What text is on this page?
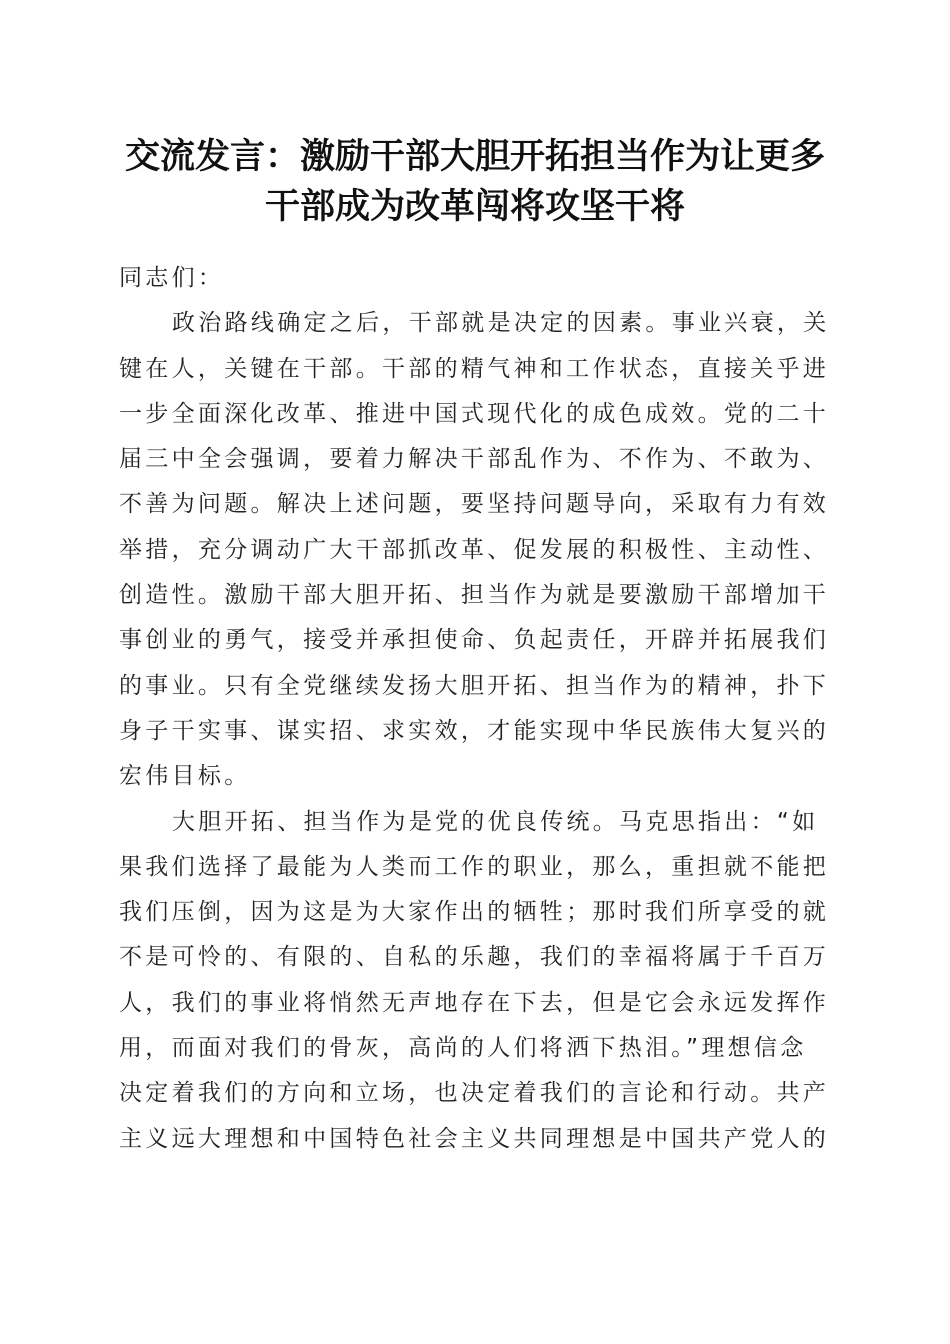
交流发言：激励干部大胆开拓担当作为让更多
干部成为改革闯将攻坚干将
同志们：
政治路线确定之后，干部就是决定的因素。事业兴衰，关
键在人，关键在干部。干部的精气神和工作状态，直接关乎进
一步全面深化改革、推进中国式现代化的成色成效。党的二十
届三中全会强调，要着力解决干部乱作为、不作为、不敢为、
不善为问题。解决上述问题，要坚持问题导向，采取有力有效
举措，充分调动广大干部抓改革、促发展的积极性、主动性、
创造性。激励干部大胆开拓、担当作为就是要激励干部增加干
事创业的勇气，接受并承担使命、负起责任，开辟并拓展我们
的事业。只有全党继续发扬大胆开拓、担当作为的精神，扑下
身子干实事、谋实招、求实效，才能实现中华民族伟大复兴的
宏伟目标。
大胆开拓、担当作为是党的优良传统。马克思指出：“如
果我们选择了最能为人类而工作的职业，那么，重担就不能把
我们压倒，因为这是为大家作出的牺牲；那时我们所享受的就
不是可怜的、有限的、自私的乐趣，我们的幸福将属于千百万
人，我们的事业将悄然无声地存在下去，但是它会永远发挥作
用，而面对我们的骨灰，高尚的人们将洒下热泪。”理想信念
决定着我们的方向和立场，也决定着我们的言论和行动。共产
主义远大理想和中国特色社会主义共同理想是中国共产党人的
